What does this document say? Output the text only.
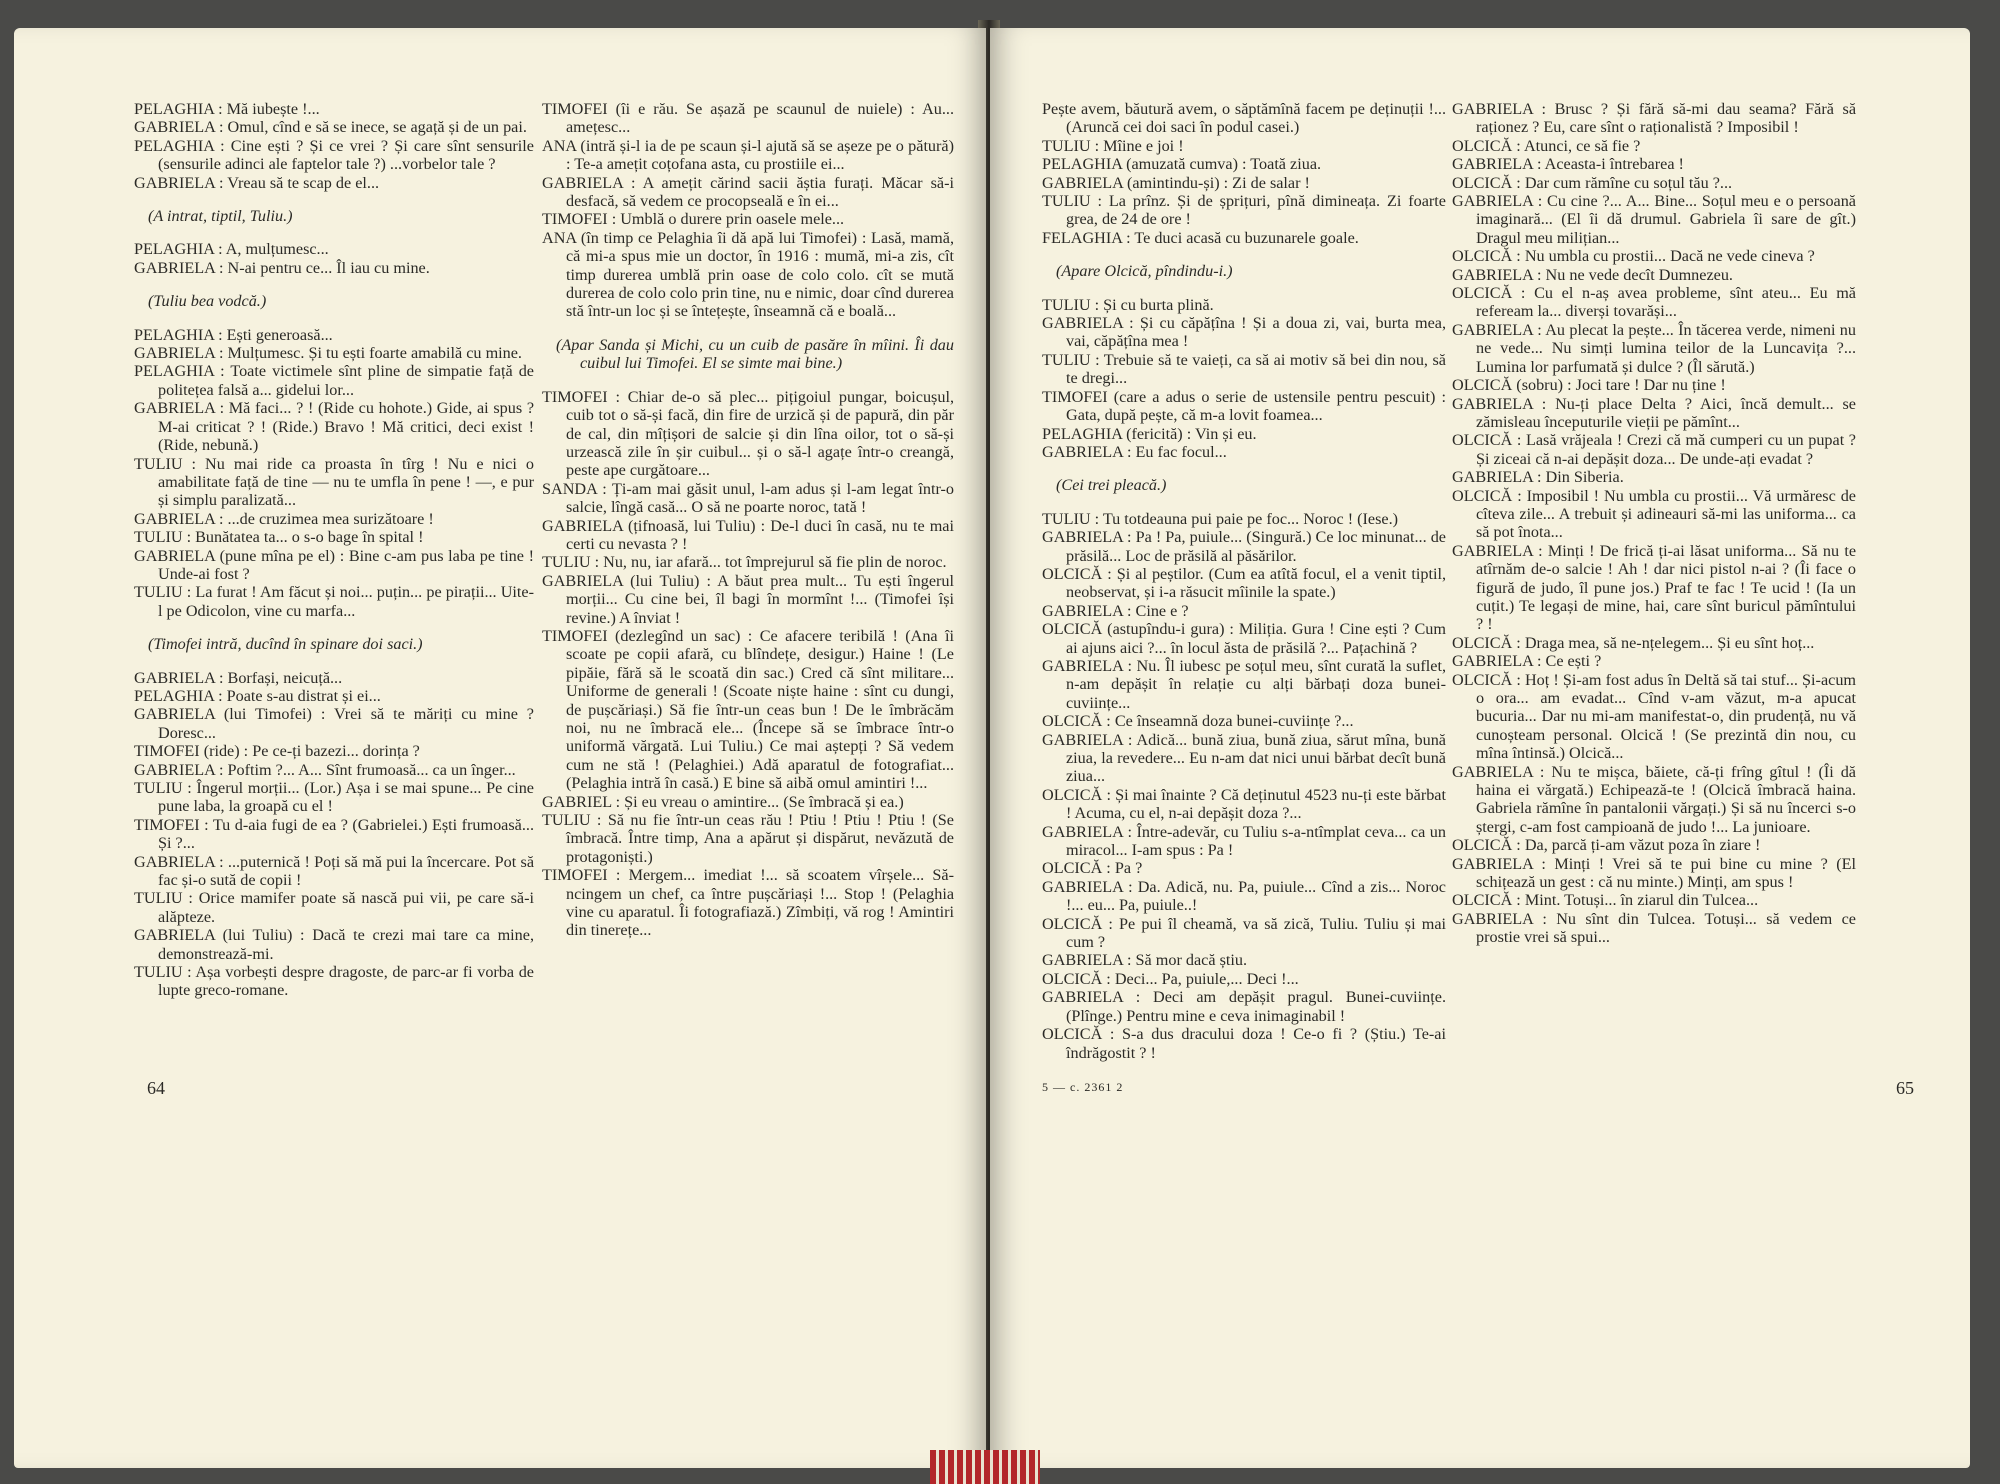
PELAGHIA : Mă iubește !...

GABRIELA : Omul, cînd e să se inece, se agață și de un pai.

PELAGHIA : Cine ești ? Și ce vrei ? Și care sînt sensurile (sensurile adinci ale faptelor tale ?) ...vorbelor tale ?

GABRIELA : Vreau să te scap de el...

(A intrat, tiptil, Tuliu.)

PELAGHIA : A, mulțumesc...

GABRIELA : N-ai pentru ce... Îl iau cu mine.

(Tuliu bea vodcă.)

PELAGHIA : Ești generoasă...

GABRIELA : Mulțumesc. Și tu ești foarte amabilă cu mine.

PELAGHIA : Toate victimele sînt pline de simpatie față de politețea falsă a... gidelui lor...

GABRIELA : Mă faci... ? ! (Ride cu hohote.) Gide, ai spus ? M-ai criticat ? ! (Ride.) Bravo ! Mă critici, deci exist ! (Ride, nebună.)

TULIU : Nu mai ride ca proasta în tîrg ! Nu e nici o amabilitate față de tine — nu te umfla în pene ! —, e pur și simplu paralizată...

GABRIELA : ...de cruzimea mea surizătoare !

TULIU : Bunătatea ta... o s-o bage în spital !

GABRIELA (pune mîna pe el) : Bine c-am pus laba pe tine ! Unde-ai fost ?

TULIU : La furat ! Am făcut și noi... puțin... pe pirații... Uite-l pe Odicolon, vine cu marfa...

(Timofei intră, ducînd în spinare doi saci.)

GABRIELA : Borfași, neicuță...

PELAGHIA : Poate s-au distrat și ei...

GABRIELA (lui Timofei) : Vrei să te măriți cu mine ? Doresc...

TIMOFEI (ride) : Pe ce-ți bazezi... dorința ?

GABRIELA : Poftim ?... A... Sînt frumoasă... ca un înger...

TULIU : Îngerul morții... (Lor.) Așa i se mai spune... Pe cine pune laba, la groapă cu el !

TIMOFEI : Tu d-aia fugi de ea ? (Gabrielei.) Ești frumoasă... Și ?...

GABRIELA : ...puternică ! Poți să mă pui la încercare. Pot să fac și-o sută de copii !

TULIU : Orice mamifer poate să nască pui vii, pe care să-i alăpteze.

GABRIELA (lui Tuliu) : Dacă te crezi mai tare ca mine, demonstrează-mi.

TULIU : Așa vorbești despre dragoste, de parc-ar fi vorba de lupte greco-romane.

TIMOFEI (îi e rău. Se așază pe scaunul de nuiele) : Au... amețesc...

ANA (intră și-l ia de pe scaun și-l ajută să se așeze pe o pătură) : Te-a amețit coțofana asta, cu prostiile ei...

GABRIELA : A amețit cărind sacii ăștia furați. Măcar să-i desfacă, să vedem ce procopseală e în ei...

TIMOFEI : Umblă o durere prin oasele mele...

ANA (în timp ce Pelaghia îi dă apă lui Timofei) : Lasă, mamă, că mi-a spus mie un doctor, în 1916 : mumă, mi-a zis, cît timp durerea umblă prin oase de colo colo. cît se mută durerea de colo colo prin tine, nu e nimic, doar cînd durerea stă într-un loc și se întețește, înseamnă că e boală...

(Apar Sanda și Michi, cu un cuib de pasăre în mîini. Îi dau cuibul lui Timofei. El se simte mai bine.)

TIMOFEI : Chiar de-o să plec... pițigoiul pungar, boicușul, cuib tot o să-și facă, din fire de urzică și de papură, din păr de cal, din mîțișori de salcie și din lîna oilor, tot o să-și urzească zile în șir cuibul... și o să-l agațe într-o creangă, peste ape curgătoare...

SANDA : Ți-am mai găsit unul, l-am adus și l-am legat într-o salcie, lîngă casă... O să ne poarte noroc, tată !

GABRIELA (țifnoasă, lui Tuliu) : De-l duci în casă, nu te mai certi cu nevasta ? !

TULIU : Nu, nu, iar afară... tot împrejurul să fie plin de noroc.

GABRIELA (lui Tuliu) : A băut prea mult... Tu ești îngerul morții... Cu cine bei, îl bagi în mormînt !... (Timofei își revine.) A înviat !

TIMOFEI (dezlegînd un sac) : Ce afacere teribilă ! (Ana îi scoate pe copii afară, cu blîndețe, desigur.) Haine ! (Le pipăie, fără să le scoată din sac.) Cred că sînt militare... Uniforme de generali ! (Scoate niște haine : sînt cu dungi, de pușcăriași.) Să fie într-un ceas bun ! De le îmbrăcăm noi, nu ne îmbracă ele... (Începe să se îmbrace într-o uniformă vărgată. Lui Tuliu.) Ce mai aștepți ? Să vedem cum ne stă ! (Pelaghiei.) Adă aparatul de fotografiat... (Pelaghia intră în casă.) E bine să aibă omul amintiri !...

GABRIEL : Și eu vreau o amintire... (Se îmbracă și ea.)

TULIU : Să nu fie într-un ceas rău ! Ptiu ! Ptiu ! Ptiu ! (Se îmbracă. Între timp, Ana a apărut și dispărut, nevăzută de protagoniști.)

TIMOFEI : Mergem... imediat !... să scoatem vîrșele... Să-ncingem un chef, ca între pușcăriași !... Stop ! (Pelaghia vine cu aparatul. Îi fotografiază.) Zîmbiți, vă rog ! Amintiri din tinerețe...

64

Pește avem, băutură avem, o săptămînă facem pe deținuții !... (Aruncă cei doi saci în podul casei.)

TULIU : Mîine e joi !

PELAGHIA (amuzată cumva) : Toată ziua.

GABRIELA (amintindu-și) : Zi de salar !

TULIU : La prînz. Și de șprițuri, pînă dimineața. Zi foarte grea, de 24 de ore !

FELAGHIA : Te duci acasă cu buzunarele goale.

(Apare Olcică, pîndindu-i.)

TULIU : Și cu burta plină.

GABRIELA : Și cu căpățîna ! Și a doua zi, vai, burta mea, vai, căpățîna mea !

TULIU : Trebuie să te vaieți, ca să ai motiv să bei din nou, să te dregi...

TIMOFEI (care a adus o serie de ustensile pentru pescuit) : Gata, după pește, că m-a lovit foamea...

PELAGHIA (fericită) : Vin și eu.

GABRIELA : Eu fac focul...

(Cei trei pleacă.)

TULIU : Tu totdeauna pui paie pe foc... Noroc ! (Iese.)

GABRIELA : Pa ! Pa, puiule... (Singură.) Ce loc minunat... de prăsilă... Loc de prăsilă al păsărilor.

OLCICĂ : Și al peștilor. (Cum ea atîtă focul, el a venit tiptil, neobservat, și i-a răsucit mîinile la spate.)

GABRIELA : Cine e ?

OLCICĂ (astupîndu-i gura) : Miliția. Gura ! Cine ești ? Cum ai ajuns aici ?... în locul ăsta de prăsilă ?... Pațachină ?

GABRIELA : Nu. Îl iubesc pe soțul meu, sînt curată la suflet, n-am depășit în relație cu alți bărbați doza bunei-cuviințe...

OLCICĂ : Ce înseamnă doza bunei-cuviințe ?...

GABRIELA : Adică... bună ziua, bună ziua, sărut mîna, bună ziua, la revedere... Eu n-am dat nici unui bărbat decît bună ziua...

OLCICĂ : Și mai înainte ? Că deținutul 4523 nu-ți este bărbat ! Acuma, cu el, n-ai depășit doza ?...

GABRIELA : Între-adevăr, cu Tuliu s-a-ntîmplat ceva... ca un miracol... I-am spus : Pa !

OLCICĂ : Pa ?

GABRIELA : Da. Adică, nu. Pa, puiule... Cînd a zis... Noroc !... eu... Pa, puiule..!

OLCICĂ : Pe pui îl cheamă, va să zică, Tuliu. Tuliu și mai cum ?

GABRIELA : Să mor dacă știu.

OLCICĂ : Deci... Pa, puiule,... Deci !...

GABRIELA : Deci am depășit pragul. Bunei-cuviințe. (Plînge.) Pentru mine e ceva inimaginabil !

OLCICĂ : S-a dus dracului doza ! Ce-o fi ? (Știu.) Te-ai îndrăgostit ? !

GABRIELA : Brusc ? Și fără să-mi dau seama? Fără să raționez ? Eu, care sînt o raționalistă ? Imposibil !

OLCICĂ : Atunci, ce să fie ?

GABRIELA : Aceasta-i întrebarea !

OLCICĂ : Dar cum rămîne cu soțul tău ?...

GABRIELA : Cu cine ?... A... Bine... Soțul meu e o persoană imaginară... (El îi dă drumul. Gabriela îi sare de gît.) Dragul meu milițian...

OLCICĂ : Nu umbla cu prostii... Dacă ne vede cineva ?

GABRIELA : Nu ne vede decît Dumnezeu.

OLCICĂ : Cu el n-aș avea probleme, sînt ateu... Eu mă refeream la... diverși tovarăși...

GABRIELA : Au plecat la pește... În tăcerea verde, nimeni nu ne vede... Nu simți lumina teilor de la Luncavița ?... Lumina lor parfumată și dulce ? (Îl sărută.)

OLCICĂ (sobru) : Joci tare ! Dar nu ține !

GABRIELA : Nu-ți place Delta ? Aici, încă demult... se zămisleau începuturile vieții pe pămînt...

OLCICĂ : Lasă vrăjeala ! Crezi că mă cumperi cu un pupat ? Și ziceai că n-ai depășit doza... De unde-ați evadat ?

GABRIELA : Din Siberia.

OLCICĂ : Imposibil ! Nu umbla cu prostii... Vă urmăresc de cîteva zile... A trebuit și adineauri să-mi las uniforma... ca să pot înota...

GABRIELA : Minți ! De frică ți-ai lăsat uniforma... Să nu te atîrnăm de-o salcie ! Ah ! dar nici pistol n-ai ? (Îi face o figură de judo, îl pune jos.) Praf te fac ! Te ucid ! (Ia un cuțit.) Te legași de mine, hai, care sînt buricul pămîntului ? !

OLCICĂ : Draga mea, să ne-nțelegem... Și eu sînt hoț...

GABRIELA : Ce ești ?

OLCICĂ : Hoț ! Și-am fost adus în Deltă să tai stuf... Și-acum o ora... am evadat... Cînd v-am văzut, m-a apucat bucuria... Dar nu mi-am manifestat-o, din prudență, nu vă cunoșteam personal. Olcică ! (Se prezintă din nou, cu mîna întinsă.) Olcică...

GABRIELA : Nu te mișca, băiete, că-ți frîng gîtul ! (Îi dă haina ei vărgată.) Echipează-te ! (Olcică îmbracă haina. Gabriela rămîne în pantalonii vărgați.) Și să nu încerci s-o ștergi, c-am fost campioană de judo !... La junioare.

OLCICĂ : Da, parcă ți-am văzut poza în ziare !

GABRIELA : Minți ! Vrei să te pui bine cu mine ? (El schițează un gest : că nu minte.) Minți, am spus !

OLCICĂ : Mint. Totuși... în ziarul din Tulcea...

GABRIELA : Nu sînt din Tulcea. Totuși... să vedem ce prostie vrei să spui...

5 — c. 2361 2	65
